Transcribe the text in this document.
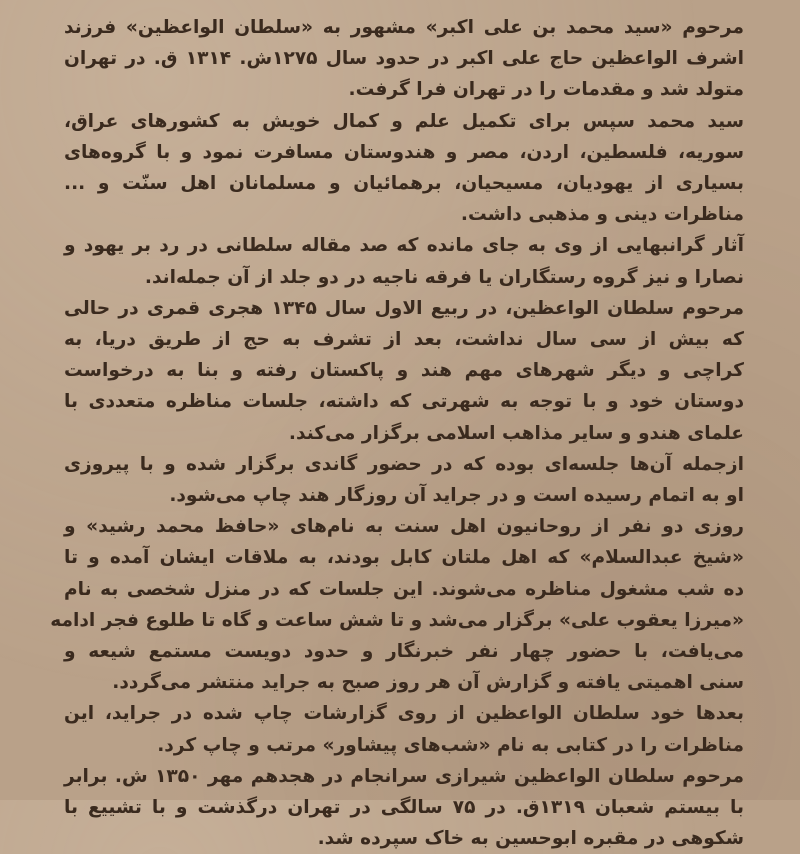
مرحوم «سید محمد بن علی اکبر» مشهور به «سلطان الواعظین» فرزند
اشرف الواعظین حاج علی اکبر در حدود سال ۱۲۷۵ش. ۱۳۱۴ ق. در تهران
متولد شد و مقدمات را در تهران فرا گرفت.
سید محمد سپس برای تکمیل علم و کمال خویش به کشورهای عراق،
سوریه، فلسطین، اردن، مصر و هندوستان مسافرت نمود و با گروه‌های
بسیاری از یهودیان، مسیحیان، برهمائیان و مسلمانان اهل سنّت و ...
مناظرات دینی و مذهبی داشت.
آثار گرانبهایی از وی به جای مانده که صد مقاله سلطانی در رد بر یهود و
نصارا و نیز گروه رستگاران یا فرقه ناجیه در دو جلد از آن جمله‌اند.
مرحوم سلطان الواعظین، در ربیع الاول سال ۱۳۴۵ هجری قمری در حالی
که بیش از سی سال نداشت، بعد از تشرف به حج از طریق دریا، به
کراچی و دیگر شهرهای مهم هند و پاکستان رفته و بنا به درخواست
دوستان خود و با توجه به شهرتی که داشته، جلسات مناظره متعددی با
علمای هندو و سایر مذاهب اسلامی برگزار می‌کند.
ازجمله آن‌ها جلسه‌ای بوده که در حضور گاندی برگزار شده و با پیروزی
او به اتمام رسیده است و در جراید آن روزگار هند چاپ می‌شود.
روزی دو نفر از روحانیون اهل سنت به نام‌های «حافظ محمد رشید» و
«شیخ عبدالسلام» که اهل ملتان کابل بودند، به ملاقات ایشان آمده و تا
ده شب مشغول مناظره می‌شوند. این جلسات که در منزل شخصی به نام
«میرزا یعقوب علی» برگزار می‌شد و تا شش ساعت و گاه تا طلوع فجر ادامه
می‌یافت، با حضور چهار نفر خبرنگار و حدود دویست مستمع شیعه و
سنی اهمیتی یافته و گزارش آن هر روز صبح به جراید منتشر می‌گردد.
بعدها خود سلطان الواعظین از روی گزارشات چاپ شده در جراید، این
مناظرات را در کتابی به نام «شب‌های پیشاور» مرتب و چاپ کرد.
مرحوم سلطان الواعظین شیرازی سرانجام در هجدهم مهر ۱۳۵۰ ش. برابر
با بیستم شعبان ۱۳۱۹ق. در ۷۵ سالگی در تهران درگذشت و با تشییع با
شکوهی در مقبره ابوحسین به خاک سپرده شد.
